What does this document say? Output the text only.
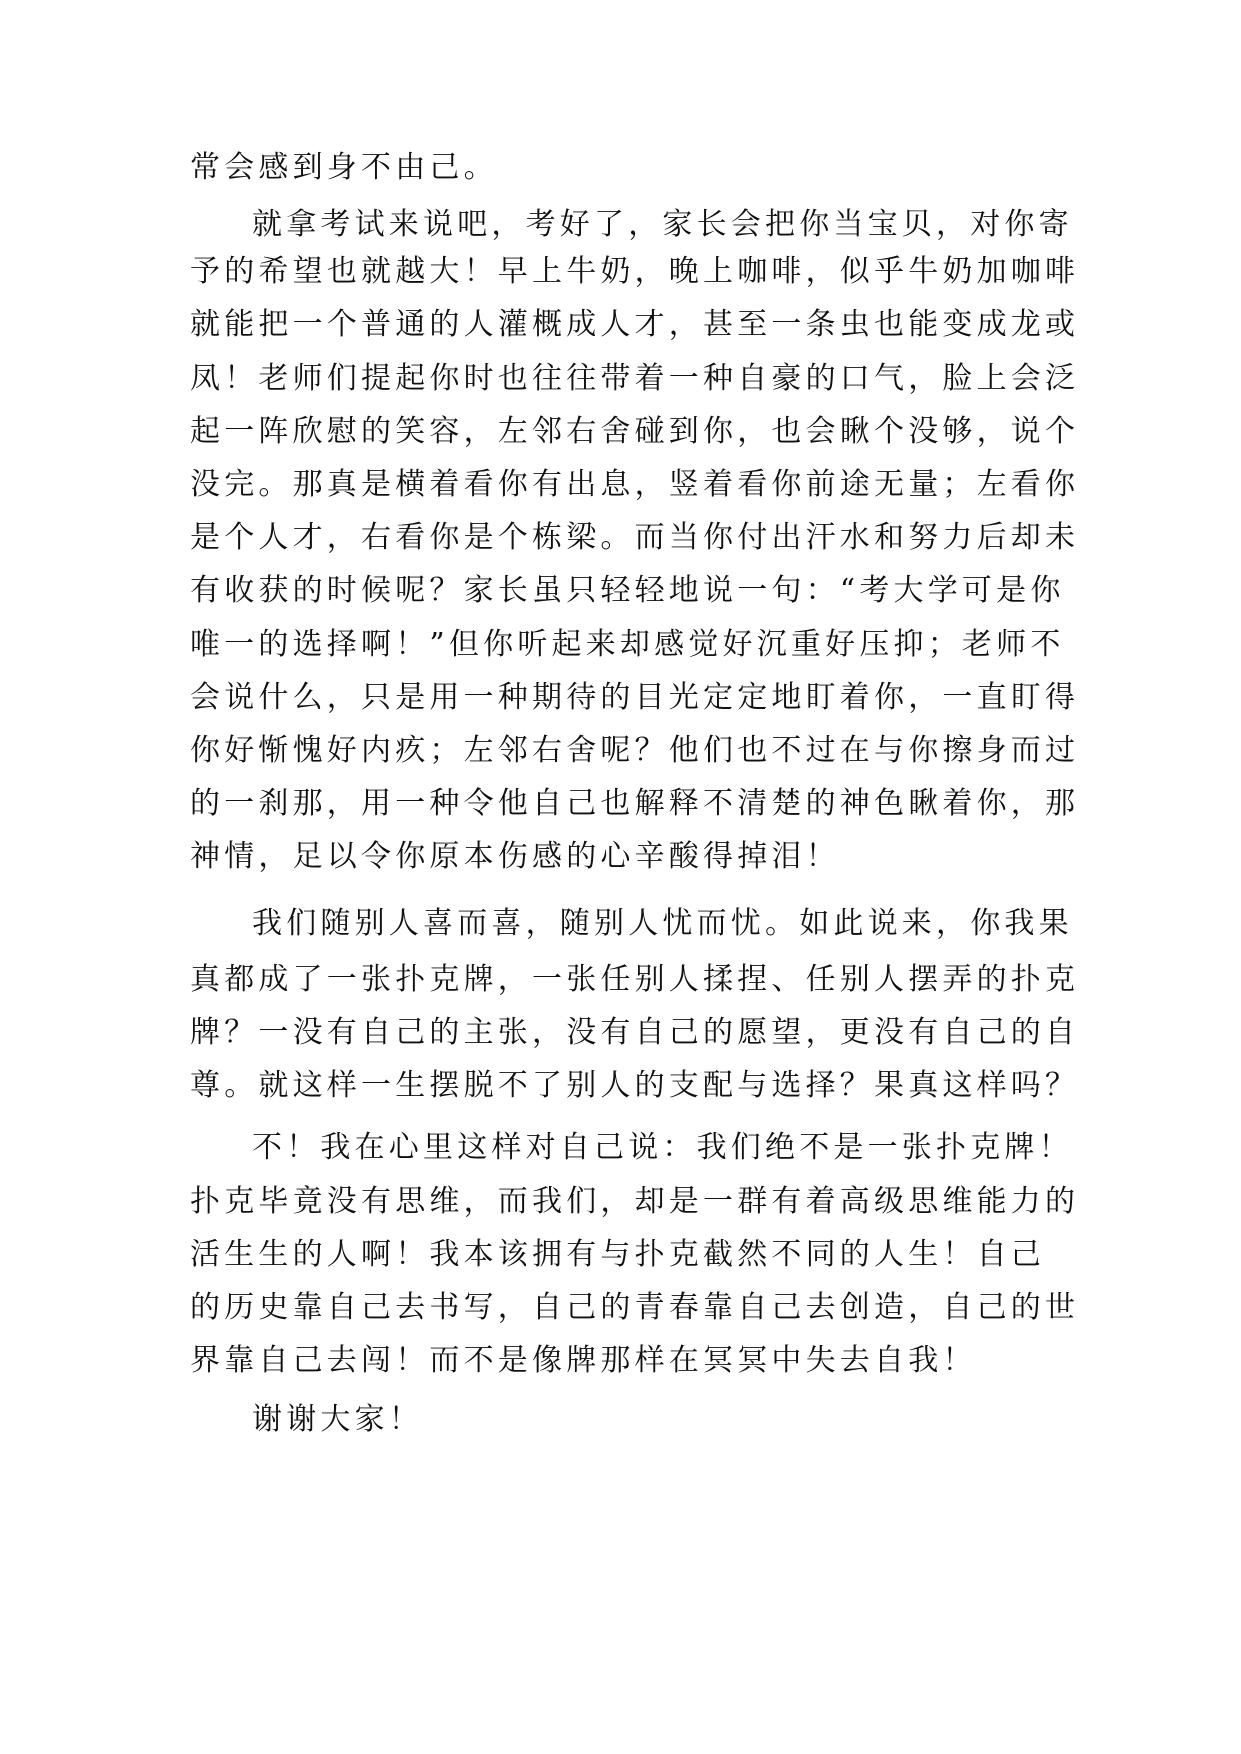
常会感到身不由己。
就拿考试来说吧，考好了，家长会把你当宝贝，对你寄
予的希望也就越大！早上牛奶，晚上咖啡，似乎牛奶加咖啡
就能把一个普通的人灌概成人才，甚至一条虫也能变成龙或
凤！老师们提起你时也往往带着一种自豪的口气，脸上会泛
起一阵欣慰的笑容，左邻右舍碰到你，也会瞅个没够，说个
没完。那真是横着看你有出息，竖着看你前途无量；左看你
是个人才，右看你是个栋梁。而当你付出汗水和努力后却未
有收获的时候呢？家长虽只轻轻地说一句：“考大学可是你
唯一的选择啊！”但你听起来却感觉好沉重好压抑；老师不
会说什么，只是用一种期待的目光定定地盯着你，一直盯得
你好惭愧好内疚；左邻右舍呢？他们也不过在与你擦身而过
的一刹那，用一种令他自己也解释不清楚的神色瞅着你，那
神情，足以令你原本伤感的心辛酸得掉泪！
我们随别人喜而喜，随别人忧而忧。如此说来，你我果
真都成了一张扑克牌，一张任别人揉捏、任别人摆弄的扑克
牌？一没有自己的主张，没有自己的愿望，更没有自己的自
尊。就这样一生摆脱不了别人的支配与选择？果真这样吗？
不！我在心里这样对自己说：我们绝不是一张扑克牌！
扑克毕竟没有思维，而我们，却是一群有着高级思维能力的
活生生的人啊！我本该拥有与扑克截然不同的人生！自己
的历史靠自己去书写，自己的青春靠自己去创造，自己的世
界靠自己去闯！而不是像牌那样在冥冥中失去自我！
谢谢大家！
